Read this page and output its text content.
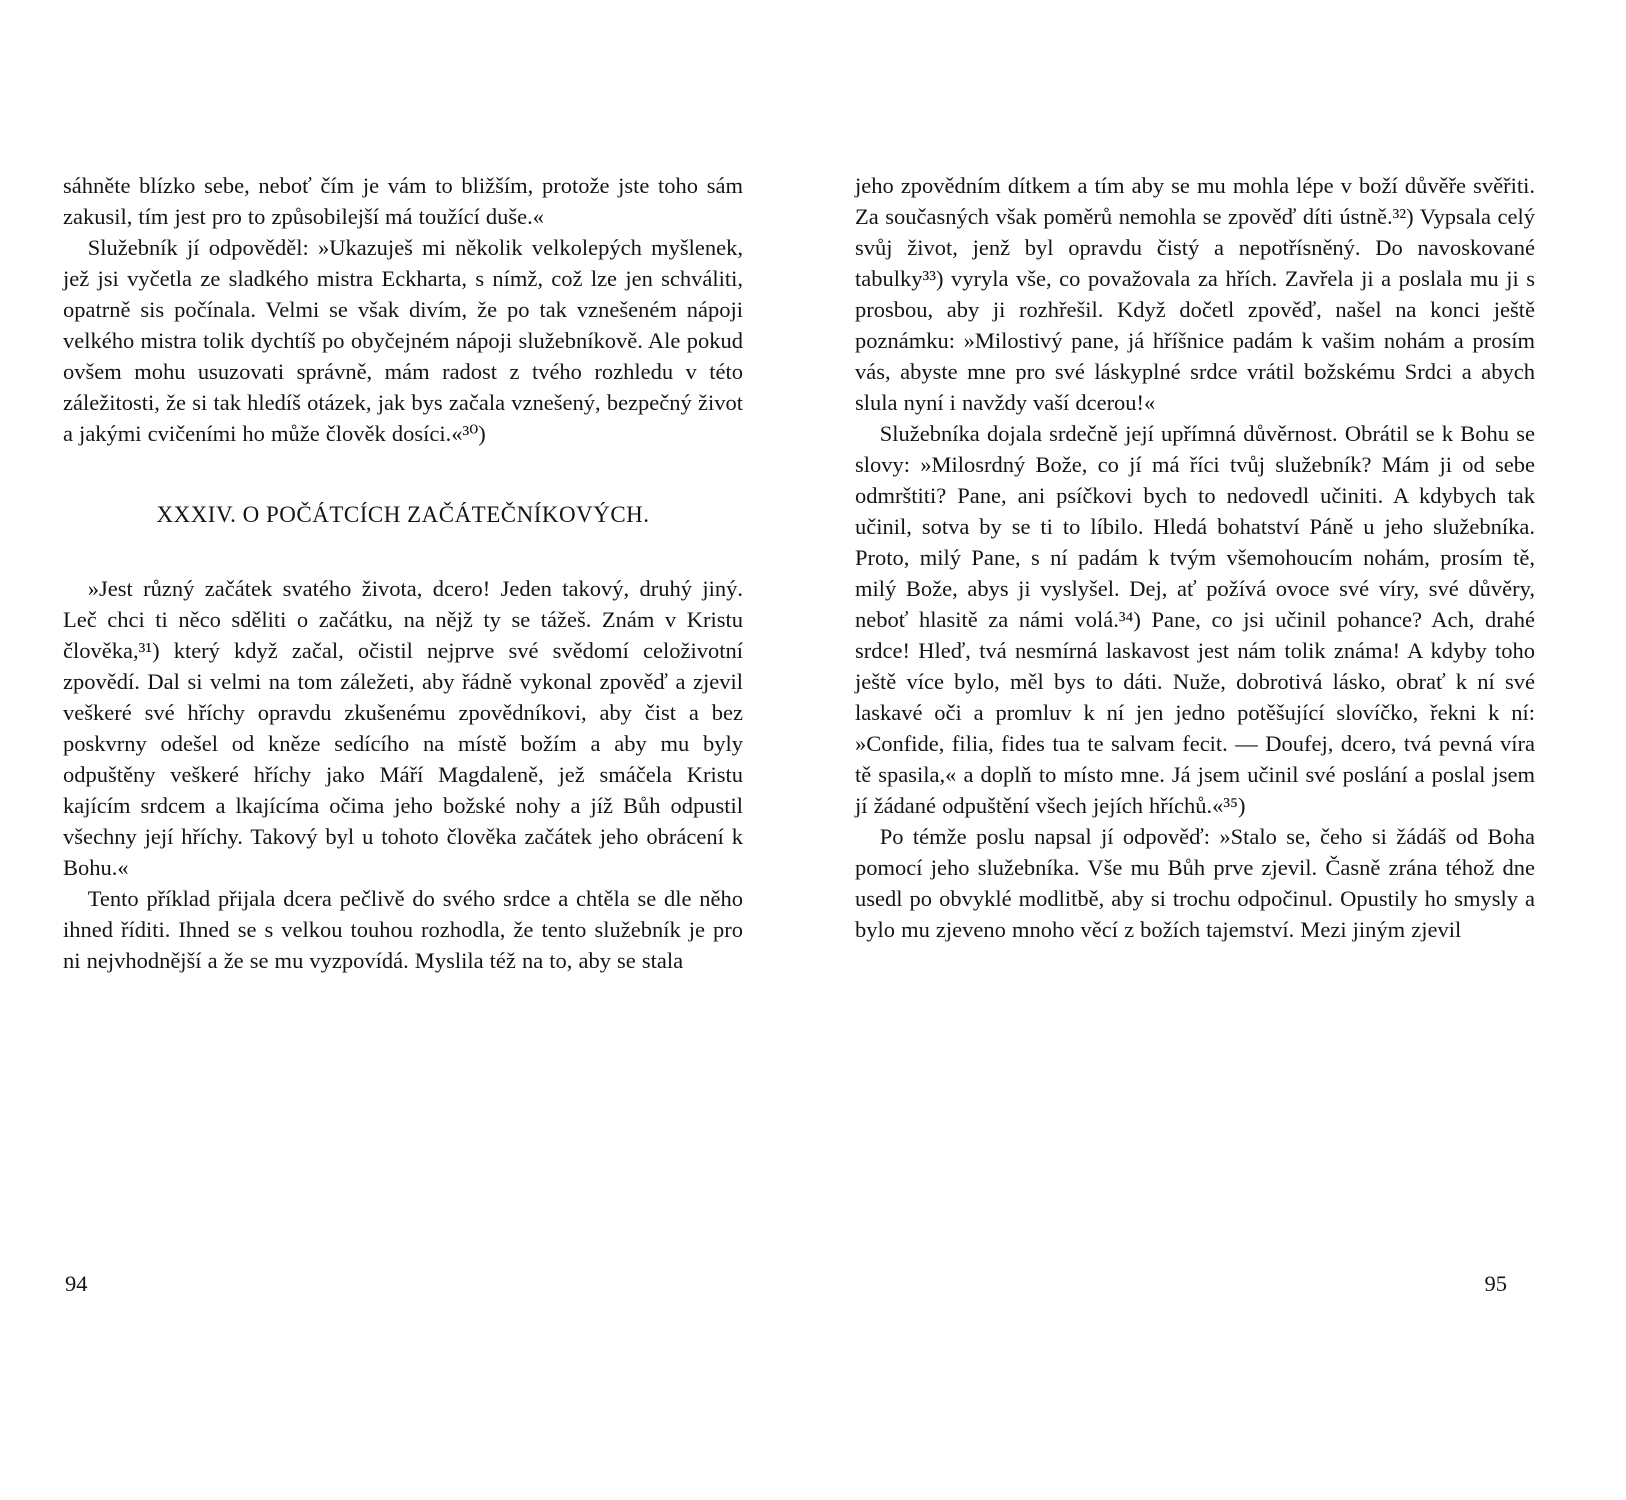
sáhněte blízko sebe, neboť čím je vám to bližším, protože jste toho sám zakusil, tím jest pro to způsobilejší má toužící duše.«

Služebník jí odpověděl: »Ukazuješ mi několik velkolepých myšlenek, jež jsi vyčetla ze sladkého mistra Eckharta, s nímž, což lze jen schváliti, opatrně sis počínala. Velmi se však divím, že po tak vznešeném nápoji velkého mistra tolik dychtíš po obyčejném nápoji služebníkově. Ale pokud ovšem mohu usuzovati správně, mám radost z tvého rozhledu v této záležitosti, že si tak hledíš otázek, jak bys začala vznešený, bezpečný život a jakými cvičeními ho může člověk dosíci.«³⁰)

XXXIV. O POČÁTCÍCH ZAČÁTEČNÍKOVÝCH.

»Jest různý začátek svatého života, dcero! Jeden takový, druhý jiný. Leč chci ti něco sděliti o začátku, na nějž ty se tážeš. Znám v Kristu člověka,³¹) který když začal, očistil nejprve své svědomí celoživotní zpovědí. Dal si velmi na tom záležeti, aby řádně vykonal zpověď a zjevil veškeré své hříchy opravdu zkušenému zpovědníkovi, aby čist a bez poskvrny odešel od kněze sedícího na místě božím a aby mu byly odpuštěny veškeré hříchy jako Máří Magdaleně, jež smáčela Kristu kajícím srdcem a lkajícíma očima jeho božské nohy a jíž Bůh odpustil všechny její hříchy. Takový byl u tohoto člověka začátek jeho obrácení k Bohu.«

Tento příklad přijala dcera pečlivě do svého srdce a chtěla se dle něho ihned říditi. Ihned se s velkou touhou rozhodla, že tento služebník je pro ni nejvhodnější a že se mu vyzpovídá. Myslila též na to, aby se stala

94

jeho zpovědním dítkem a tím aby se mu mohla lépe v boží důvěře svěřiti. Za současných však poměrů nemohla se zpověď díti ústně.³²) Vypsala celý svůj život, jenž byl opravdu čistý a nepotřísněný. Do navoskované tabulky³³) vyryla vše, co považovala za hřích. Zavřela ji a poslala mu ji s prosbou, aby ji rozhřešil. Když dočetl zpověď, našel na konci ještě poznámku: »Milostivý pane, já hříšnice padám k vašim nohám a prosím vás, abyste mne pro své láskyplné srdce vrátil božskému Srdci a abych slula nyní i navždy vaší dcerou!«

Služebníka dojala srdečně její upřímná důvěrnost. Obrátil se k Bohu se slovy: »Milosrdný Bože, co jí má říci tvůj služebník? Mám ji od sebe odmrštiti? Pane, ani psíčkovi bych to nedovedl učiniti. A kdybych tak učinil, sotva by se ti to líbilo. Hledá bohatství Páně u jeho služebníka. Proto, milý Pane, s ní padám k tvým všemohoucím nohám, prosím tě, milý Bože, abys ji vyslyšel. Dej, ať požívá ovoce své víry, své důvěry, neboť hlasitě za námi volá.³⁴) Pane, co jsi učinil pohance? Ach, drahé srdce! Hleď, tvá nesmírná laskavost jest nám tolik známa! A kdyby toho ještě více bylo, měl bys to dáti. Nuže, dobrotivá lásko, obrať k ní své laskavé oči a promluv k ní jen jedno potěšující slovíčko, řekni k ní: »Confide, filia, fides tua te salvam fecit. — Doufej, dcero, tvá pevná víra tě spasila,« a doplň to místo mne. Já jsem učinil své poslání a poslal jsem jí žádané odpuštění všech jejích hříchů.«³⁵)

Po témže poslu napsal jí odpověď: »Stalo se, čeho si žádáš od Boha pomocí jeho služebníka. Vše mu Bůh prve zjevil. Časně zrána téhož dne usedl po obvyklé modlitbě, aby si trochu odpočinul. Opustily ho smysly a bylo mu zjeveno mnoho věcí z božích tajemství. Mezi jiným zjevil

95
